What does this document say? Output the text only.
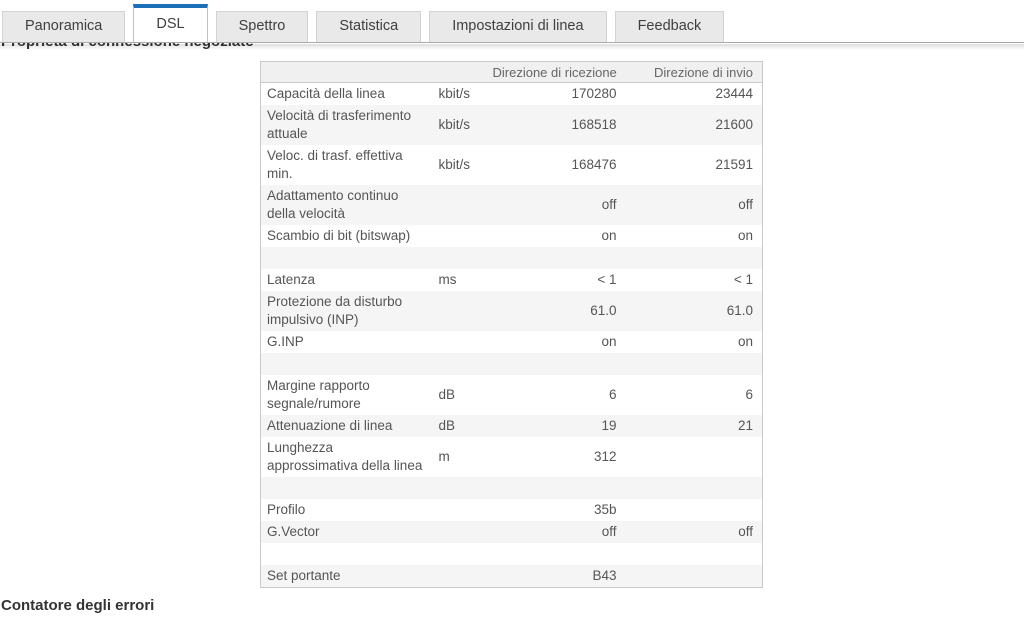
Panoramica	DSL	Spettro	Statistica	Impostazioni di linea	Feedback
		Direzione di ricezione	Direzione di invio
Capacità della linea	kbit/s	170280	23444
Velocità di trasferimento attuale	kbit/s	168518	21600
Veloc. di trasf. effettiva min.	kbit/s	168476	21591
Adattamento continuo della velocità		off	off
Scambio di bit (bitswap)		on	on

Latenza	ms	< 1	< 1
Protezione da disturbo impulsivo (INP)		61.0	61.0
G.INP		on	on

Margine rapporto segnale/rumore	dB	6	6
Attenuazione di linea	dB	19	21
Lunghezza approssimativa della linea	m	312	

Profilo		35b	
G.Vector		off	off

Set portante		B43	
Contatore degli errori
